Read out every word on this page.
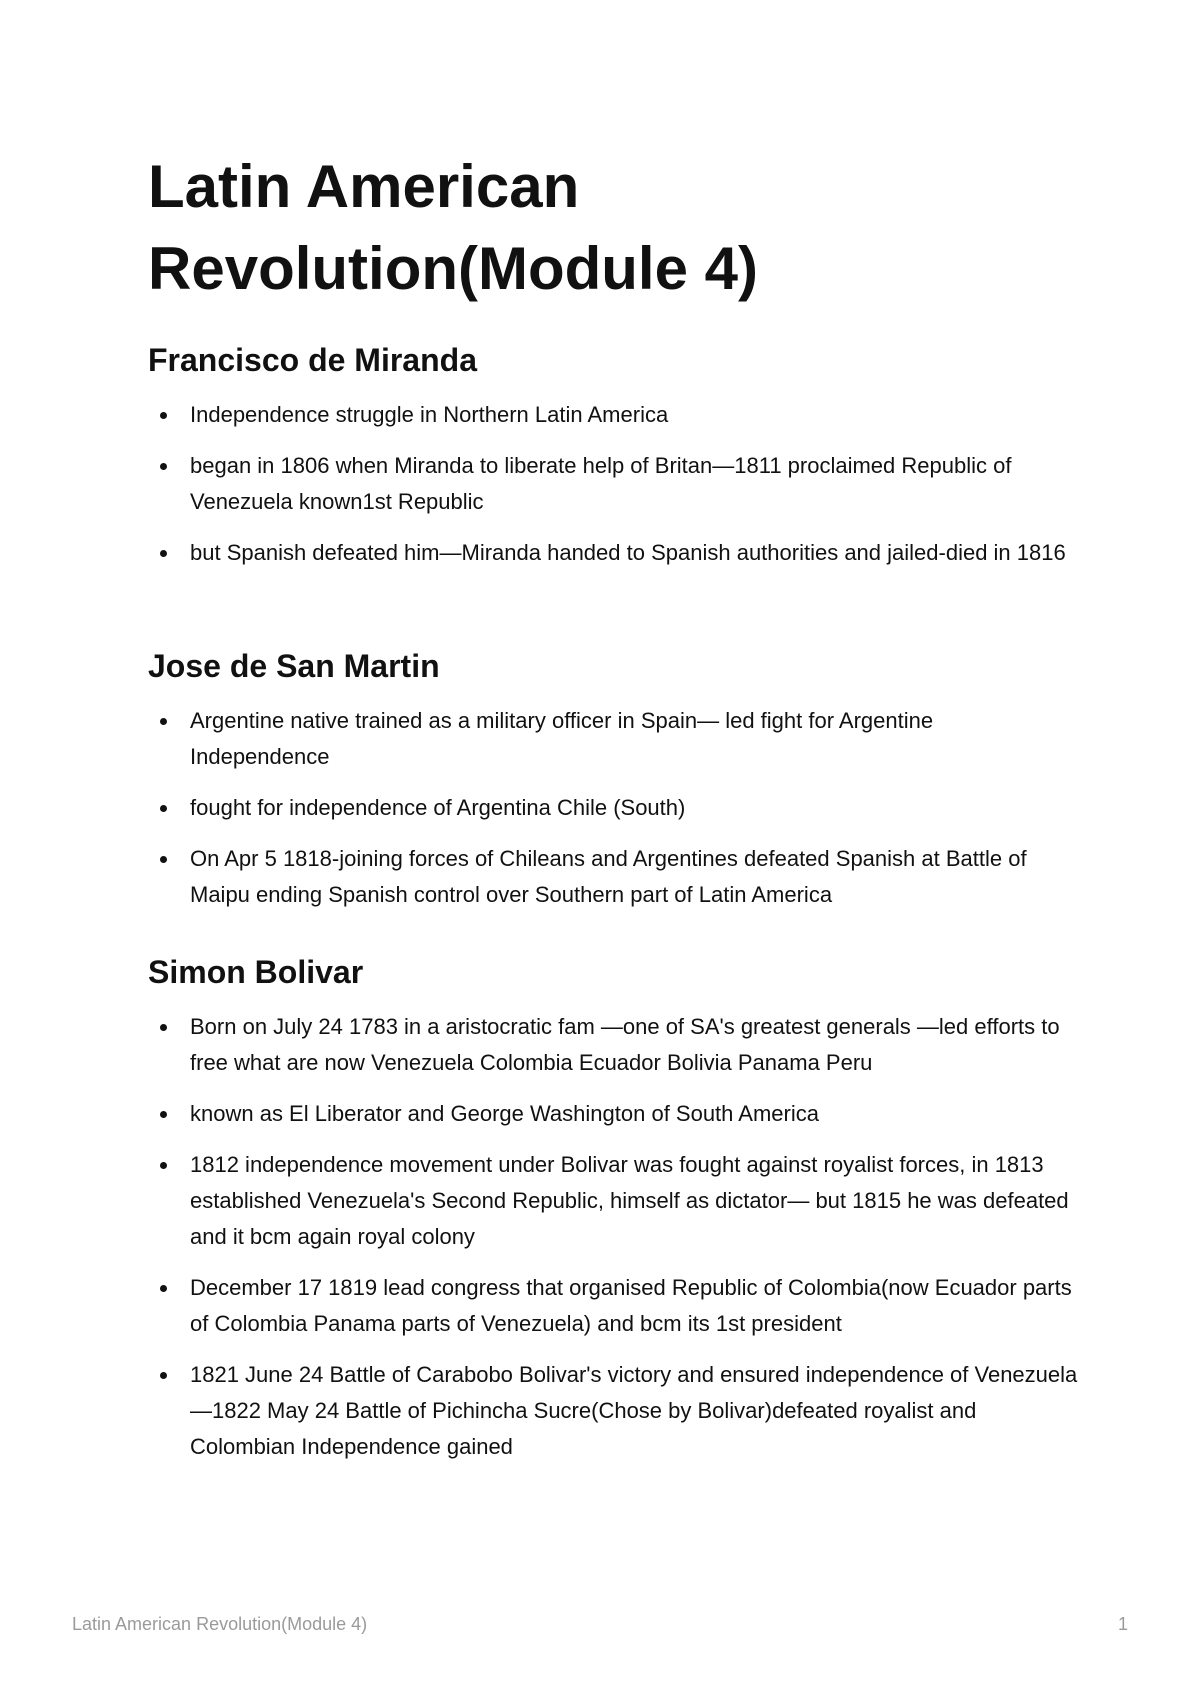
Latin American Revolution(Module 4)
Francisco de Miranda
Independence struggle in Northern Latin America
began in 1806 when Miranda to liberate help of Britan—1811 proclaimed Republic of Venezuela known1st Republic
but Spanish defeated him—Miranda handed to Spanish authorities and jailed-died in 1816
Jose de San Martin
Argentine native trained as a military officer in Spain— led fight for Argentine Independence
fought for independence of Argentina Chile (South)
On Apr 5 1818-joining forces of Chileans and Argentines defeated Spanish at Battle of Maipu ending Spanish control over Southern part of Latin America
Simon Bolivar
Born on July 24 1783 in a aristocratic fam —one of SA's greatest generals —led efforts to free what are now Venezuela Colombia Ecuador Bolivia Panama Peru
known as El Liberator and George Washington of South America
1812 independence movement under Bolivar was fought against royalist forces, in 1813 established Venezuela's Second Republic, himself as dictator— but 1815 he was defeated and it bcm again royal colony
December 17 1819 lead congress that organised Republic of Colombia(now Ecuador parts of Colombia Panama parts of Venezuela) and bcm its 1st president
1821 June 24 Battle of Carabobo Bolivar's victory and ensured independence of Venezuela—1822 May 24 Battle of Pichincha Sucre(Chose by Bolivar)defeated royalist and Colombian Independence gained
Latin American Revolution(Module 4)	1
